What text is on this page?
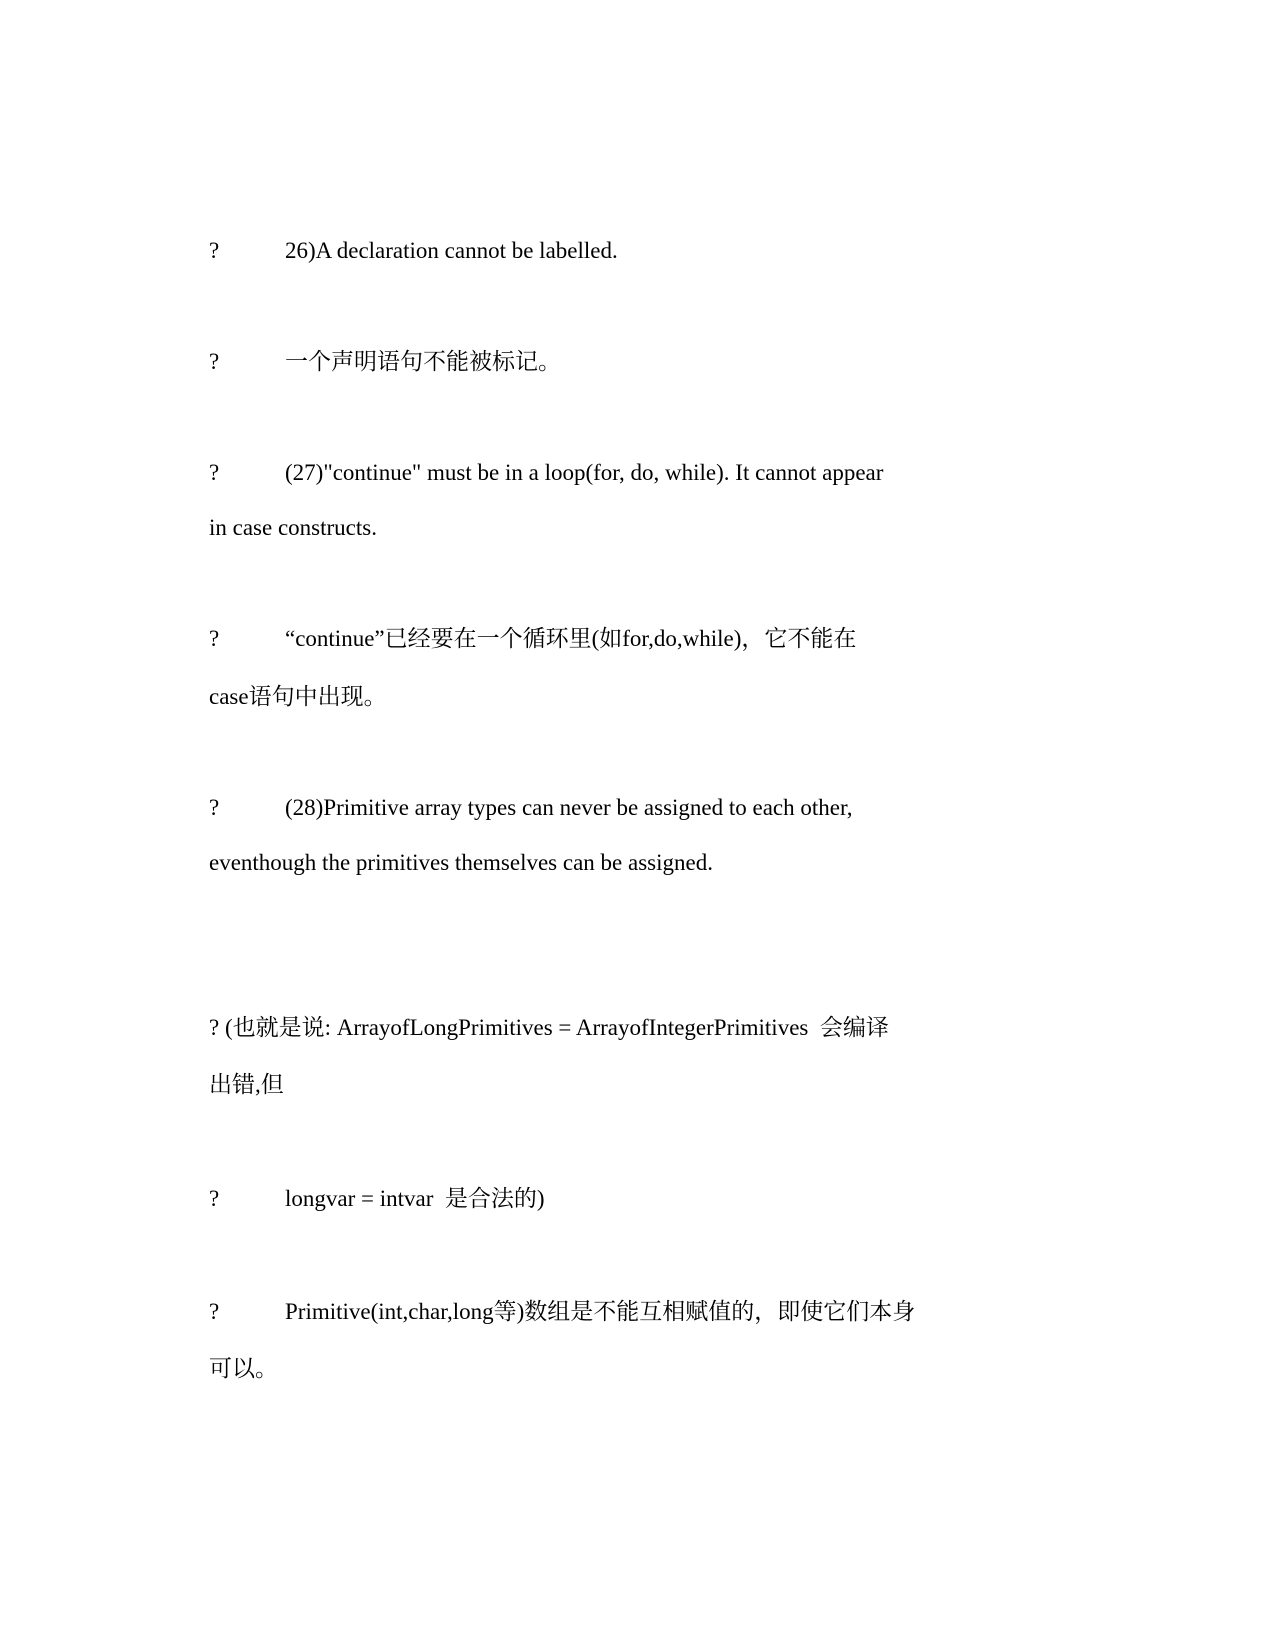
?	26)A declaration cannot be labelled.

?	一个声明语句不能被标记。

?	(27)"continue" must be in a loop(for, do, while). It cannot appear

in case constructs.

?	“continue”已经要在一个循环里(如for,do,while)，它不能在

case语句中出现。

?	(28)Primitive array types can never be assigned to each other,

eventhough the primitives themselves can be assigned.

? (也就是说: ArrayofLongPrimitives = ArrayofIntegerPrimitives  会编译

出错,但

?	longvar = intvar  是合法的)

?	Primitive(int,char,long等)数组是不能互相赋值的，即使它们本身

可以。
